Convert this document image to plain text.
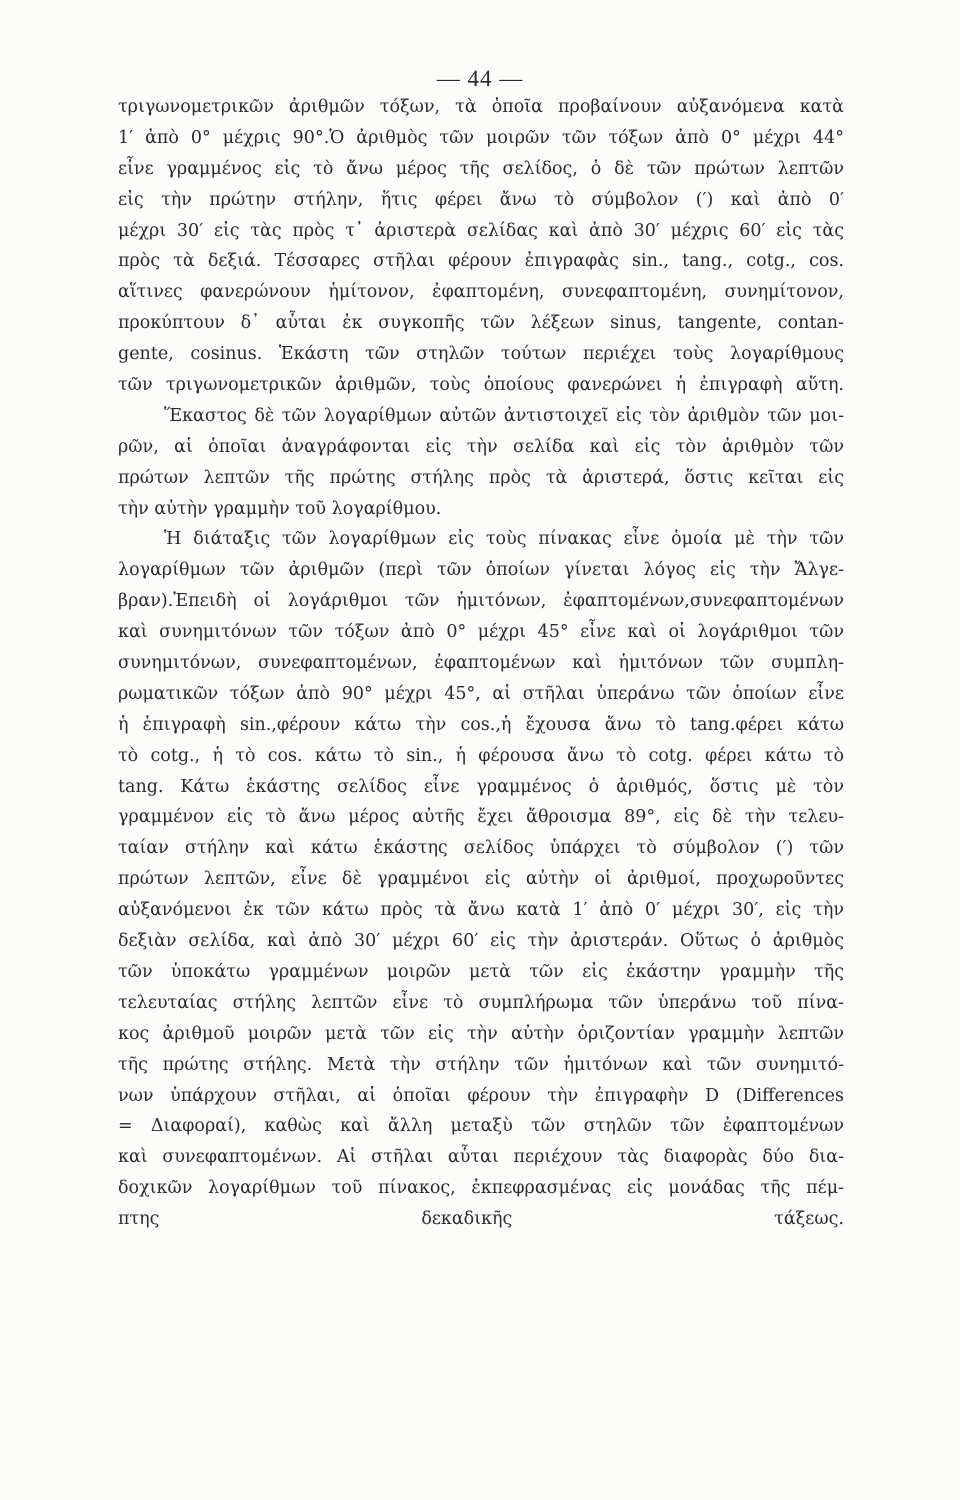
— 44 —
τριγωνομετρικῶν ἀριθμῶν τόξων, τὰ ὁποῖα προβαίνουν αὐξανόμενα κατὰ
1′ ἀπὸ 0° μέχρις 90°.Ὁ ἀριθμὸς τῶν μοιρῶν τῶν τόξων ἀπὸ 0° μέχρι 44°
εἶνε γραμμένος εἰς τὸ ἄνω μέρος τῆς σελίδος, ὁ δὲ τῶν πρώτων λεπτῶν
εἰς τὴν πρώτην στήλην, ἥτις φέρει ἄνω τὸ σύμβολον (′) καὶ ἀπὸ 0′
μέχρι 30′ εἰς τὰς πρὸς τ᾽ ἀριστερὰ σελίδας καὶ ἀπὸ 30′ μέχρις 60′ εἰς τὰς
πρὸς τὰ δεξιά. Τέσσαρες στῆλαι φέρουν ἐπιγραφὰς sin., tang., cotg., cos.
αἵτινες φανερώνουν ἡμίτονον, ἐφαπτομένη, συνεφαπτομένη, συνημίτονον,
προκύπτουν δ᾽ αὗται ἐκ συγκοπῆς τῶν λέξεων sinus, tangente, contan-
gente, cosinus. Ἑκάστη τῶν στηλῶν τούτων περιέχει τοὺς λογαρίθμους
τῶν τριγωνομετρικῶν ἀριθμῶν, τοὺς ὁποίους φανερώνει ἡ ἐπιγραφὴ αὕτη.
Ἕκαστος δὲ τῶν λογαρίθμων αὐτῶν ἀντιστοιχεῖ εἰς τὸν ἀριθμὸν τῶν μοι-
ρῶν, αἱ ὁποῖαι ἀναγράφονται εἰς τὴν σελίδα καὶ εἰς τὸν ἀριθμὸν τῶν
πρώτων λεπτῶν τῆς πρώτης στήλης πρὸς τὰ ἀριστερά, ὅστις κεῖται εἰς
τὴν αὐτὴν γραμμὴν τοῦ λογαρίθμου.
Ἡ διάταξις τῶν λογαρίθμων εἰς τοὺς πίνακας εἶνε ὁμοία μὲ τὴν τῶν
λογαρίθμων τῶν ἀριθμῶν (περὶ τῶν ὁποίων γίνεται λόγος εἰς τὴν Ἄλγε-
βραν).Ἐπειδὴ οἱ λογάριθμοι τῶν ἡμιτόνων, ἐφαπτομένων,συνεφαπτομένων
καὶ συνημιτόνων τῶν τόξων ἀπὸ 0° μέχρι 45° εἶνε καὶ οἱ λογάριθμοι τῶν
συνημιτόνων, συνεφαπτομένων, ἐφαπτομένων καὶ ἡμιτόνων τῶν συμπλη-
ρωματικῶν τόξων ἀπὸ 90° μέχρι 45°, αἱ στῆλαι ὑπεράνω τῶν ὁποίων εἶνε
ἡ ἐπιγραφὴ sin.,φέρουν κάτω τὴν cos.,ἡ ἔχουσα ἄνω τὸ tang.φέρει κάτω
τὸ cotg., ἡ τὸ cos. κάτω τὸ sin., ἡ φέρουσα ἄνω τὸ cotg. φέρει κάτω τὸ
tang. Κάτω ἑκάστης σελίδος εἶνε γραμμένος ὁ ἀριθμός, ὅστις μὲ τὸν
γραμμένον εἰς τὸ ἄνω μέρος αὐτῆς ἔχει ἄθροισμα 89°, εἰς δὲ τὴν τελευ-
ταίαν στήλην καὶ κάτω ἑκάστης σελίδος ὑπάρχει τὸ σύμβολον (′) τῶν
πρώτων λεπτῶν, εἶνε δὲ γραμμένοι εἰς αὐτὴν οἱ ἀριθμοί, προχωροῦντες
αὐξανόμενοι ἐκ τῶν κάτω πρὸς τὰ ἄνω κατὰ 1′ ἀπὸ 0′ μέχρι 30′, εἰς τὴν
δεξιὰν σελίδα, καὶ ἀπὸ 30′ μέχρι 60′ εἰς τὴν ἀριστεράν. Οὕτως ὁ ἀριθμὸς
τῶν ὑποκάτω γραμμένων μοιρῶν μετὰ τῶν εἰς ἑκάστην γραμμὴν τῆς
τελευταίας στήλης λεπτῶν εἶνε τὸ συμπλήρωμα τῶν ὑπεράνω τοῦ πίνα-
κος ἀριθμοῦ μοιρῶν μετὰ τῶν εἰς τὴν αὐτὴν ὁριζοντίαν γραμμὴν λεπτῶν
τῆς πρώτης στήλης. Μετὰ τὴν στήλην τῶν ἡμιτόνων καὶ τῶν συνημιτό-
νων ὑπάρχουν στῆλαι, αἱ ὁποῖαι φέρουν τὴν ἐπιγραφὴν D (Differences
= Διαφοραί), καθὼς καὶ ἄλλη μεταξὺ τῶν στηλῶν τῶν ἐφαπτομένων
καὶ συνεφαπτομένων. Αἱ στῆλαι αὗται περιέχουν τὰς διαφορὰς δύο δια-
δοχικῶν λογαρίθμων τοῦ πίνακος, ἐκπεφρασμένας εἰς μονάδας τῆς πέμ-
πτης δεκαδικῆς τάξεως.
